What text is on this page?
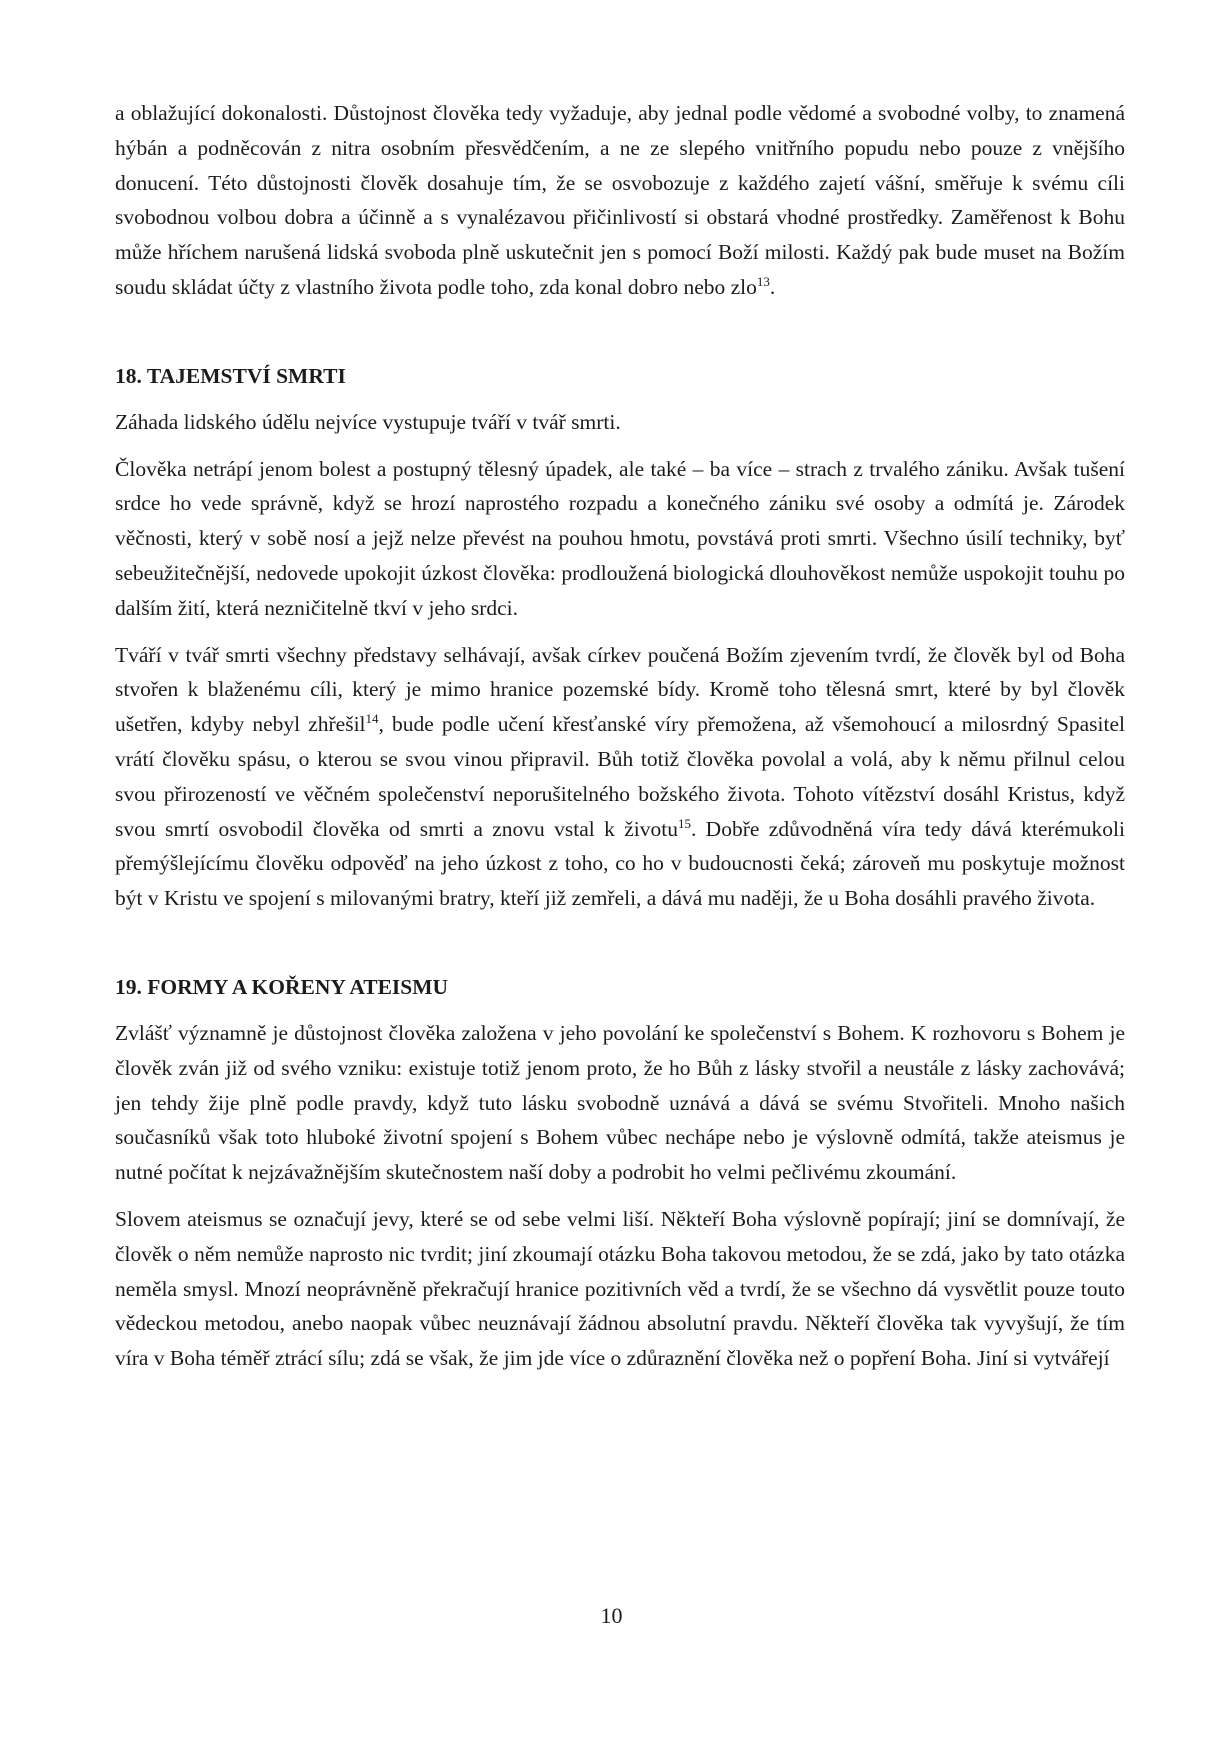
a oblažující dokonalosti. Důstojnost člověka tedy vyžaduje, aby jednal podle vědomé a svobodné volby, to znamená hýbán a podněcován z nitra osobním přesvědčením, a ne ze slepého vnitřního popudu nebo pouze z vnějšího donucení. Této důstojnosti člověk dosahuje tím, že se osvobozuje z každého zajetí vášní, směřuje k svému cíli svobodnou volbou dobra a účinně a s vynalézavou přičinlivostí si obstará vhodné prostředky. Zaměřenost k Bohu může hříchem narušená lidská svoboda plně uskutečnit jen s pomocí Boží milosti. Každý pak bude muset na Božím soudu skládat účty z vlastního života podle toho, zda konal dobro nebo zlo$^{13}$.

18. TAJEMSTVÍ SMRTI

Záhada lidského údělu nejvíce vystupuje tváří v tvář smrti.

Člověka netrápí jenom bolest a postupný tělesný úpadek, ale také – ba více – strach z trvalého zániku. Avšak tušení srdce ho vede správně, když se hrozí naprostého rozpadu a konečného zániku své osoby a odmítá je. Zárodek věčnosti, který v sobě nosí a jejž nelze převést na pouhou hmotu, povstává proti smrti. Všechno úsilí techniky, byť sebeužitečnější, nedovede upokojit úzkost člověka: prodloužená biologická dlouhověkost nemůže uspokojit touhu po dalším žití, která nezničitelně tkví v jeho srdci.

Tváří v tvář smrti všechny představy selhávají, avšak církev poučená Božím zjevením tvrdí, že člověk byl od Boha stvořen k blaženému cíli, který je mimo hranice pozemské bídy. Kromě toho tělesná smrt, které by byl člověk ušetřen, kdyby nebyl zhřešil$^{14}$, bude podle učení křesťanské víry přemožena, až všemohoucí a milosrdný Spasitel vrátí člověku spásu, o kterou se svou vinou připravil. Bůh totiž člověka povolal a volá, aby k němu přilnul celou svou přirozeností ve věčném společenství neporušitelného božského života. Tohoto vítězství dosáhl Kristus, když svou smrtí osvobodil člověka od smrti a znovu vstal k životu$^{15}$. Dobře zdůvodněná víra tedy dává kterémukoli přemýšlejícímu člověku odpověď na jeho úzkost z toho, co ho v budoucnosti čeká; zároveň mu poskytuje možnost být v Kristu ve spojení s milovanými bratry, kteří již zemřeli, a dává mu naději, že u Boha dosáhli pravého života.

19. FORMY A KOŘENY ATEISMU

Zvlášť významně je důstojnost člověka založena v jeho povolání ke společenství s Bohem. K rozhovoru s Bohem je člověk zván již od svého vzniku: existuje totiž jenom proto, že ho Bůh z lásky stvořil a neustále z lásky zachovává; jen tehdy žije plně podle pravdy, když tuto lásku svobodně uznává a dává se svému Stvořiteli. Mnoho našich současníků však toto hluboké životní spojení s Bohem vůbec nechápe nebo je výslovně odmítá, takže ateismus je nutné počítat k nejzávažnějším skutečnostem naší doby a podrobit ho velmi pečlivému zkoumání.

Slovem ateismus se označují jevy, které se od sebe velmi liší. Někteří Boha výslovně popírají; jiní se domnívají, že člověk o něm nemůže naprosto nic tvrdit; jiní zkoumají otázku Boha takovou metodou, že se zdá, jako by tato otázka neměla smysl. Mnozí neoprávněně překračují hranice pozitivních věd a tvrdí, že se všechno dá vysvětlit pouze touto vědeckou metodou, anebo naopak vůbec neuznávají žádnou absolutní pravdu. Někteří člověka tak vyvyšují, že tím víra v Boha téměř ztrácí sílu; zdá se však, že jim jde více o zdůraznění člověka než o popření Boha. Jiní si vytvářejí

10
